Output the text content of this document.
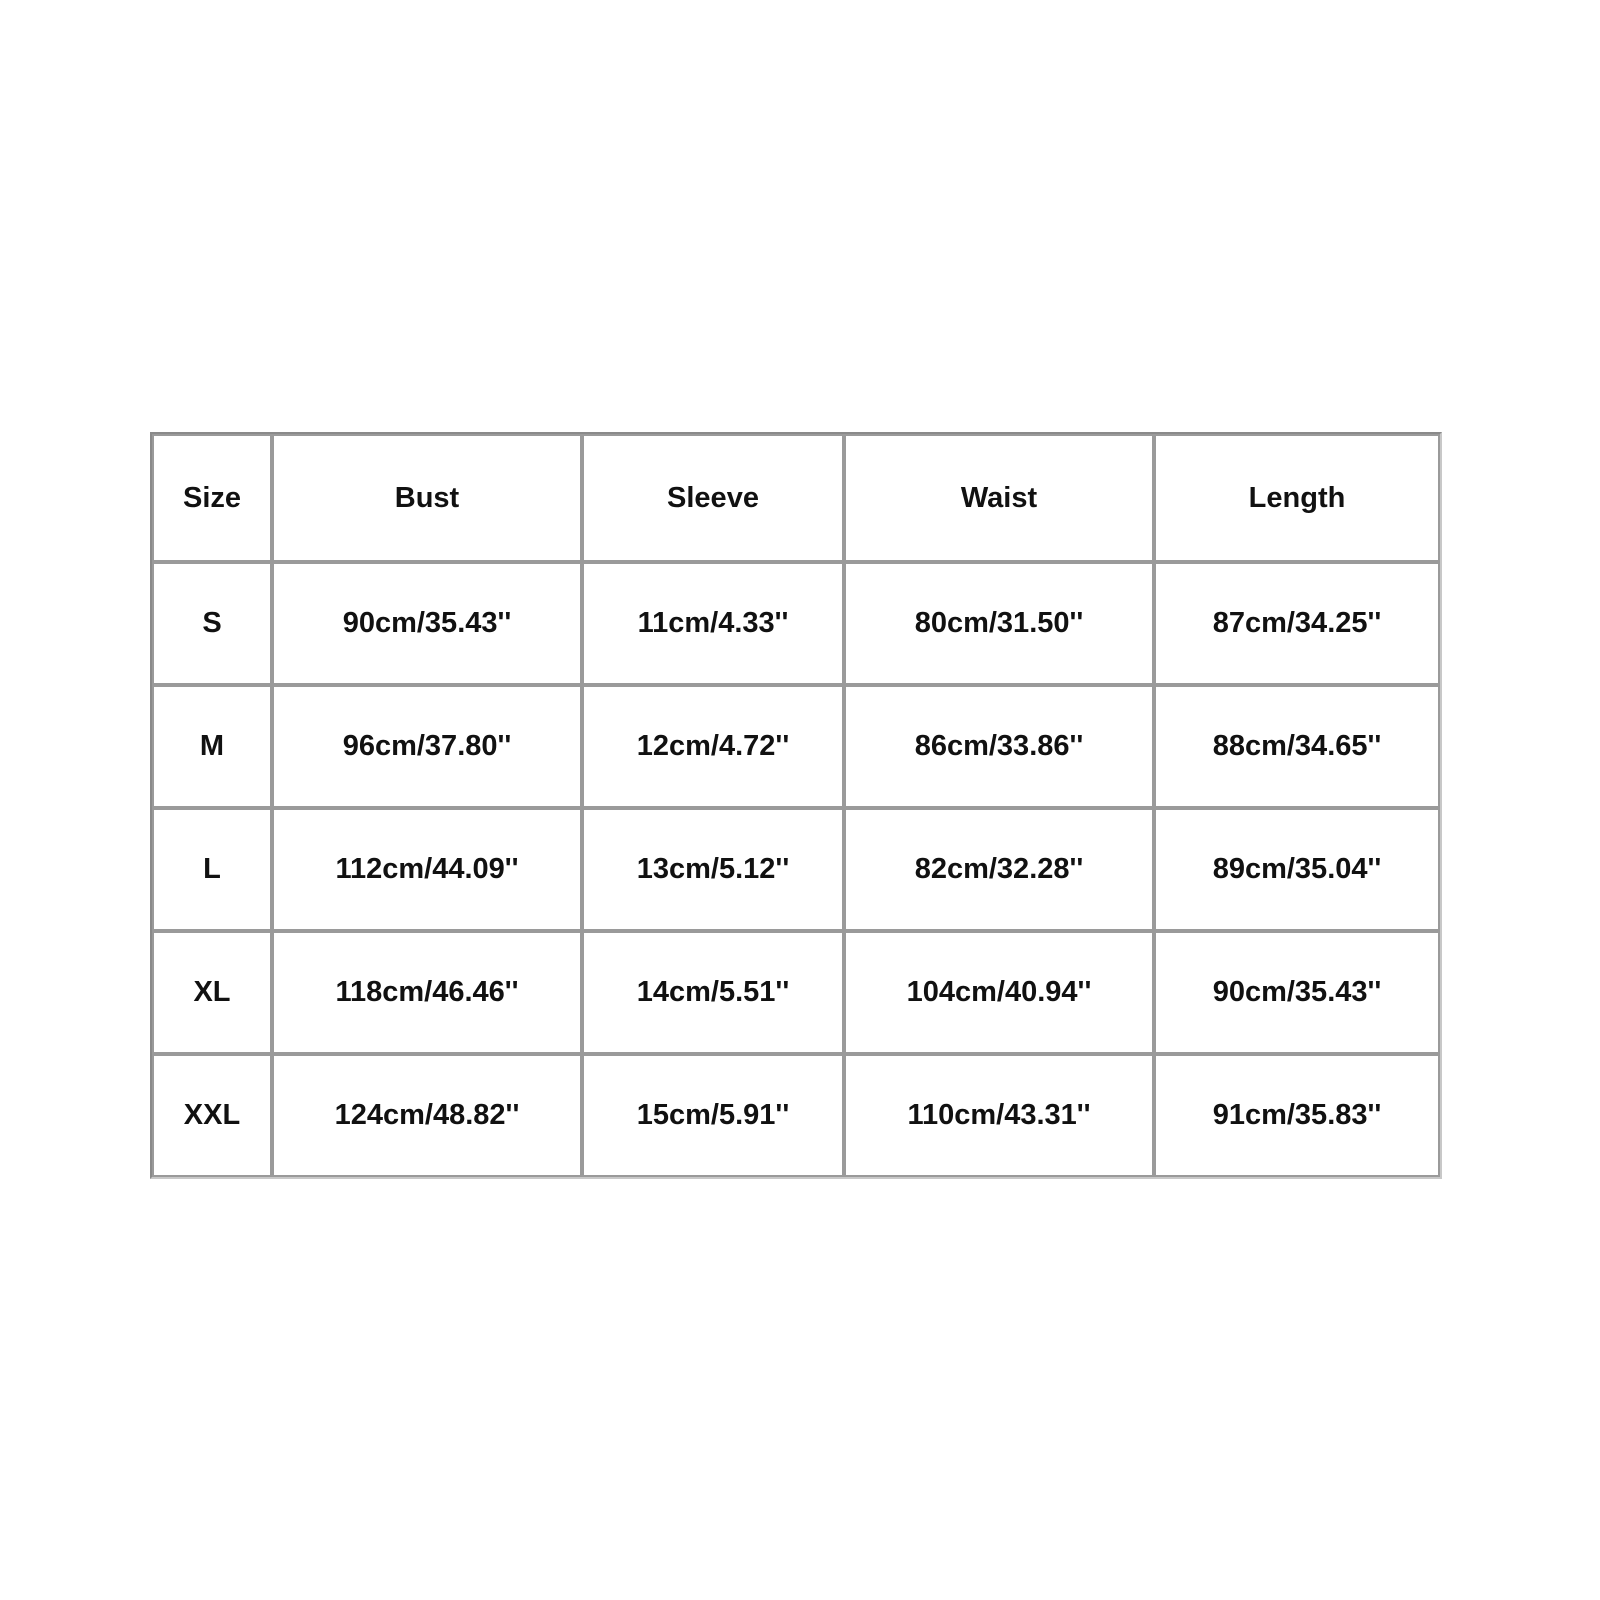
Size	Bust	Sleeve	Waist	Length
S	90cm/35.43''	11cm/4.33''	80cm/31.50''	87cm/34.25''
M	96cm/37.80''	12cm/4.72''	86cm/33.86''	88cm/34.65''
L	112cm/44.09''	13cm/5.12''	82cm/32.28''	89cm/35.04''
XL	118cm/46.46''	14cm/5.51''	104cm/40.94''	90cm/35.43''
XXL	124cm/48.82''	15cm/5.91''	110cm/43.31''	91cm/35.83''
